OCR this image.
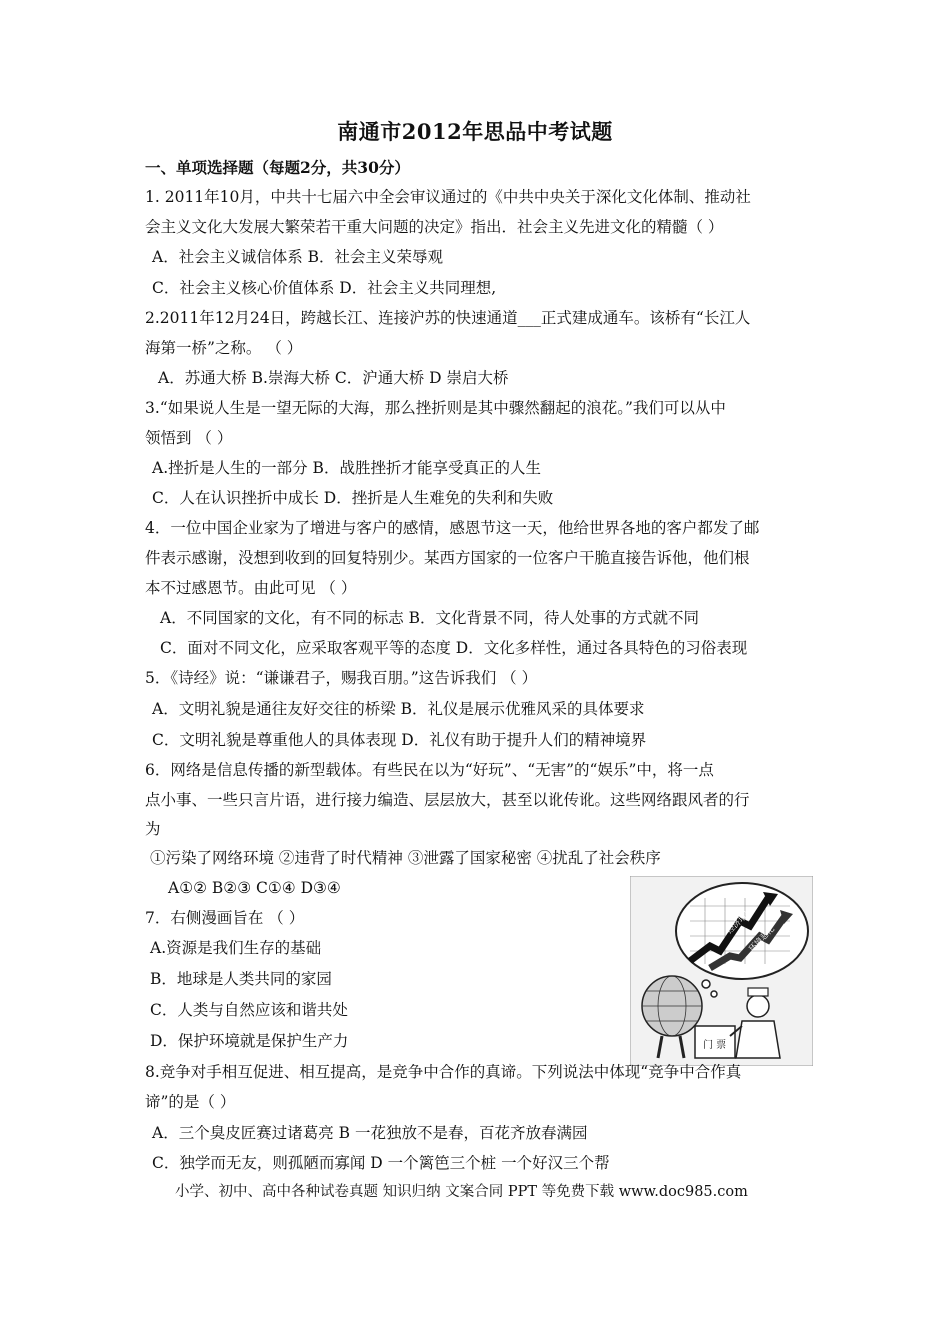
南通市2012年思品中考试题
一、单项选择题（每题2分，共30分）
1. 2011年10月，中共十七届六中全会审议通过的《中共中央关于深化文化体制、推动社
会主义文化大发展大繁荣若干重大问题的决定》指出．社会主义先进文化的精髓（ ）
A．社会主义诚信体系 B．社会主义荣辱观
C．社会主义核心价值体系 D．社会主义共同理想,
2.2011年12月24日，跨越长江、连接沪苏的快速通道___正式建成通车。该桥有“长江人
海第一桥”之称。 （ ）
A．苏通大桥 B.崇海大桥 C．沪通大桥 D 崇启大桥
3.“如果说人生是一望无际的大海，那么挫折则是其中骤然翻起的浪花。”我们可以从中
领悟到 （ ）
A.挫折是人生的一部分 B．战胜挫折才能享受真正的人生
C．人在认识挫折中成长 D．挫折是人生难免的失利和失败
4．一位中国企业家为了增进与客户的感情，感恩节这一天，他给世界各地的客户都发了邮
件表示感谢，没想到收到的回复特别少。某西方国家的一位客户干脆直接告诉他，他们根
本不过感恩节。由此可见 （ ）
A．不同国家的文化，有不同的标志 B．文化背景不同，待人处事的方式就不同
C．面对不同文化，应采取客观平等的态度 D．文化多样性，通过各具特色的习俗表现
5．《诗经》说：“谦谦君子，赐我百朋。”这告诉我们 （ ）
A．文明礼貌是通往友好交往的桥梁 B．礼仪是展示优雅风采的具体要求
C．文明礼貌是尊重他人的具体表现 D．礼仪有助于提升人们的精神境界
6．网络是信息传播的新型载体。有些民在以为“好玩”、“无害”的“娱乐”中，将一点
点小事、一些只言片语，进行接力编造、层层放大，甚至以讹传讹。这些网络跟风者的行
为
①污染了网络环境 ②违背了时代精神 ③泄露了国家秘密 ④扰乱了社会秩序
A①② B②③ C①④ D③④
7．右侧漫画旨在 （ ）
A.资源是我们生存的基础
B．地球是人类共同的家园
C．人类与自然应该和谐共处
D．保护环境就是保护生产力
经济增长
环境恶化
门 票
8.竞争对手相互促进、相互提高，是竞争中合作的真谛。下列说法中体现“竞争中合作真
谛”的是（ ）
A．三个臭皮匠赛过诸葛亮 B 一花独放不是春，百花齐放春满园
C．独学而无友，则孤陋而寡闻 D 一个篱笆三个桩 一个好汉三个帮
小学、初中、高中各种试卷真题 知识归纳 文案合同 PPT 等免费下载 www.doc985.com
